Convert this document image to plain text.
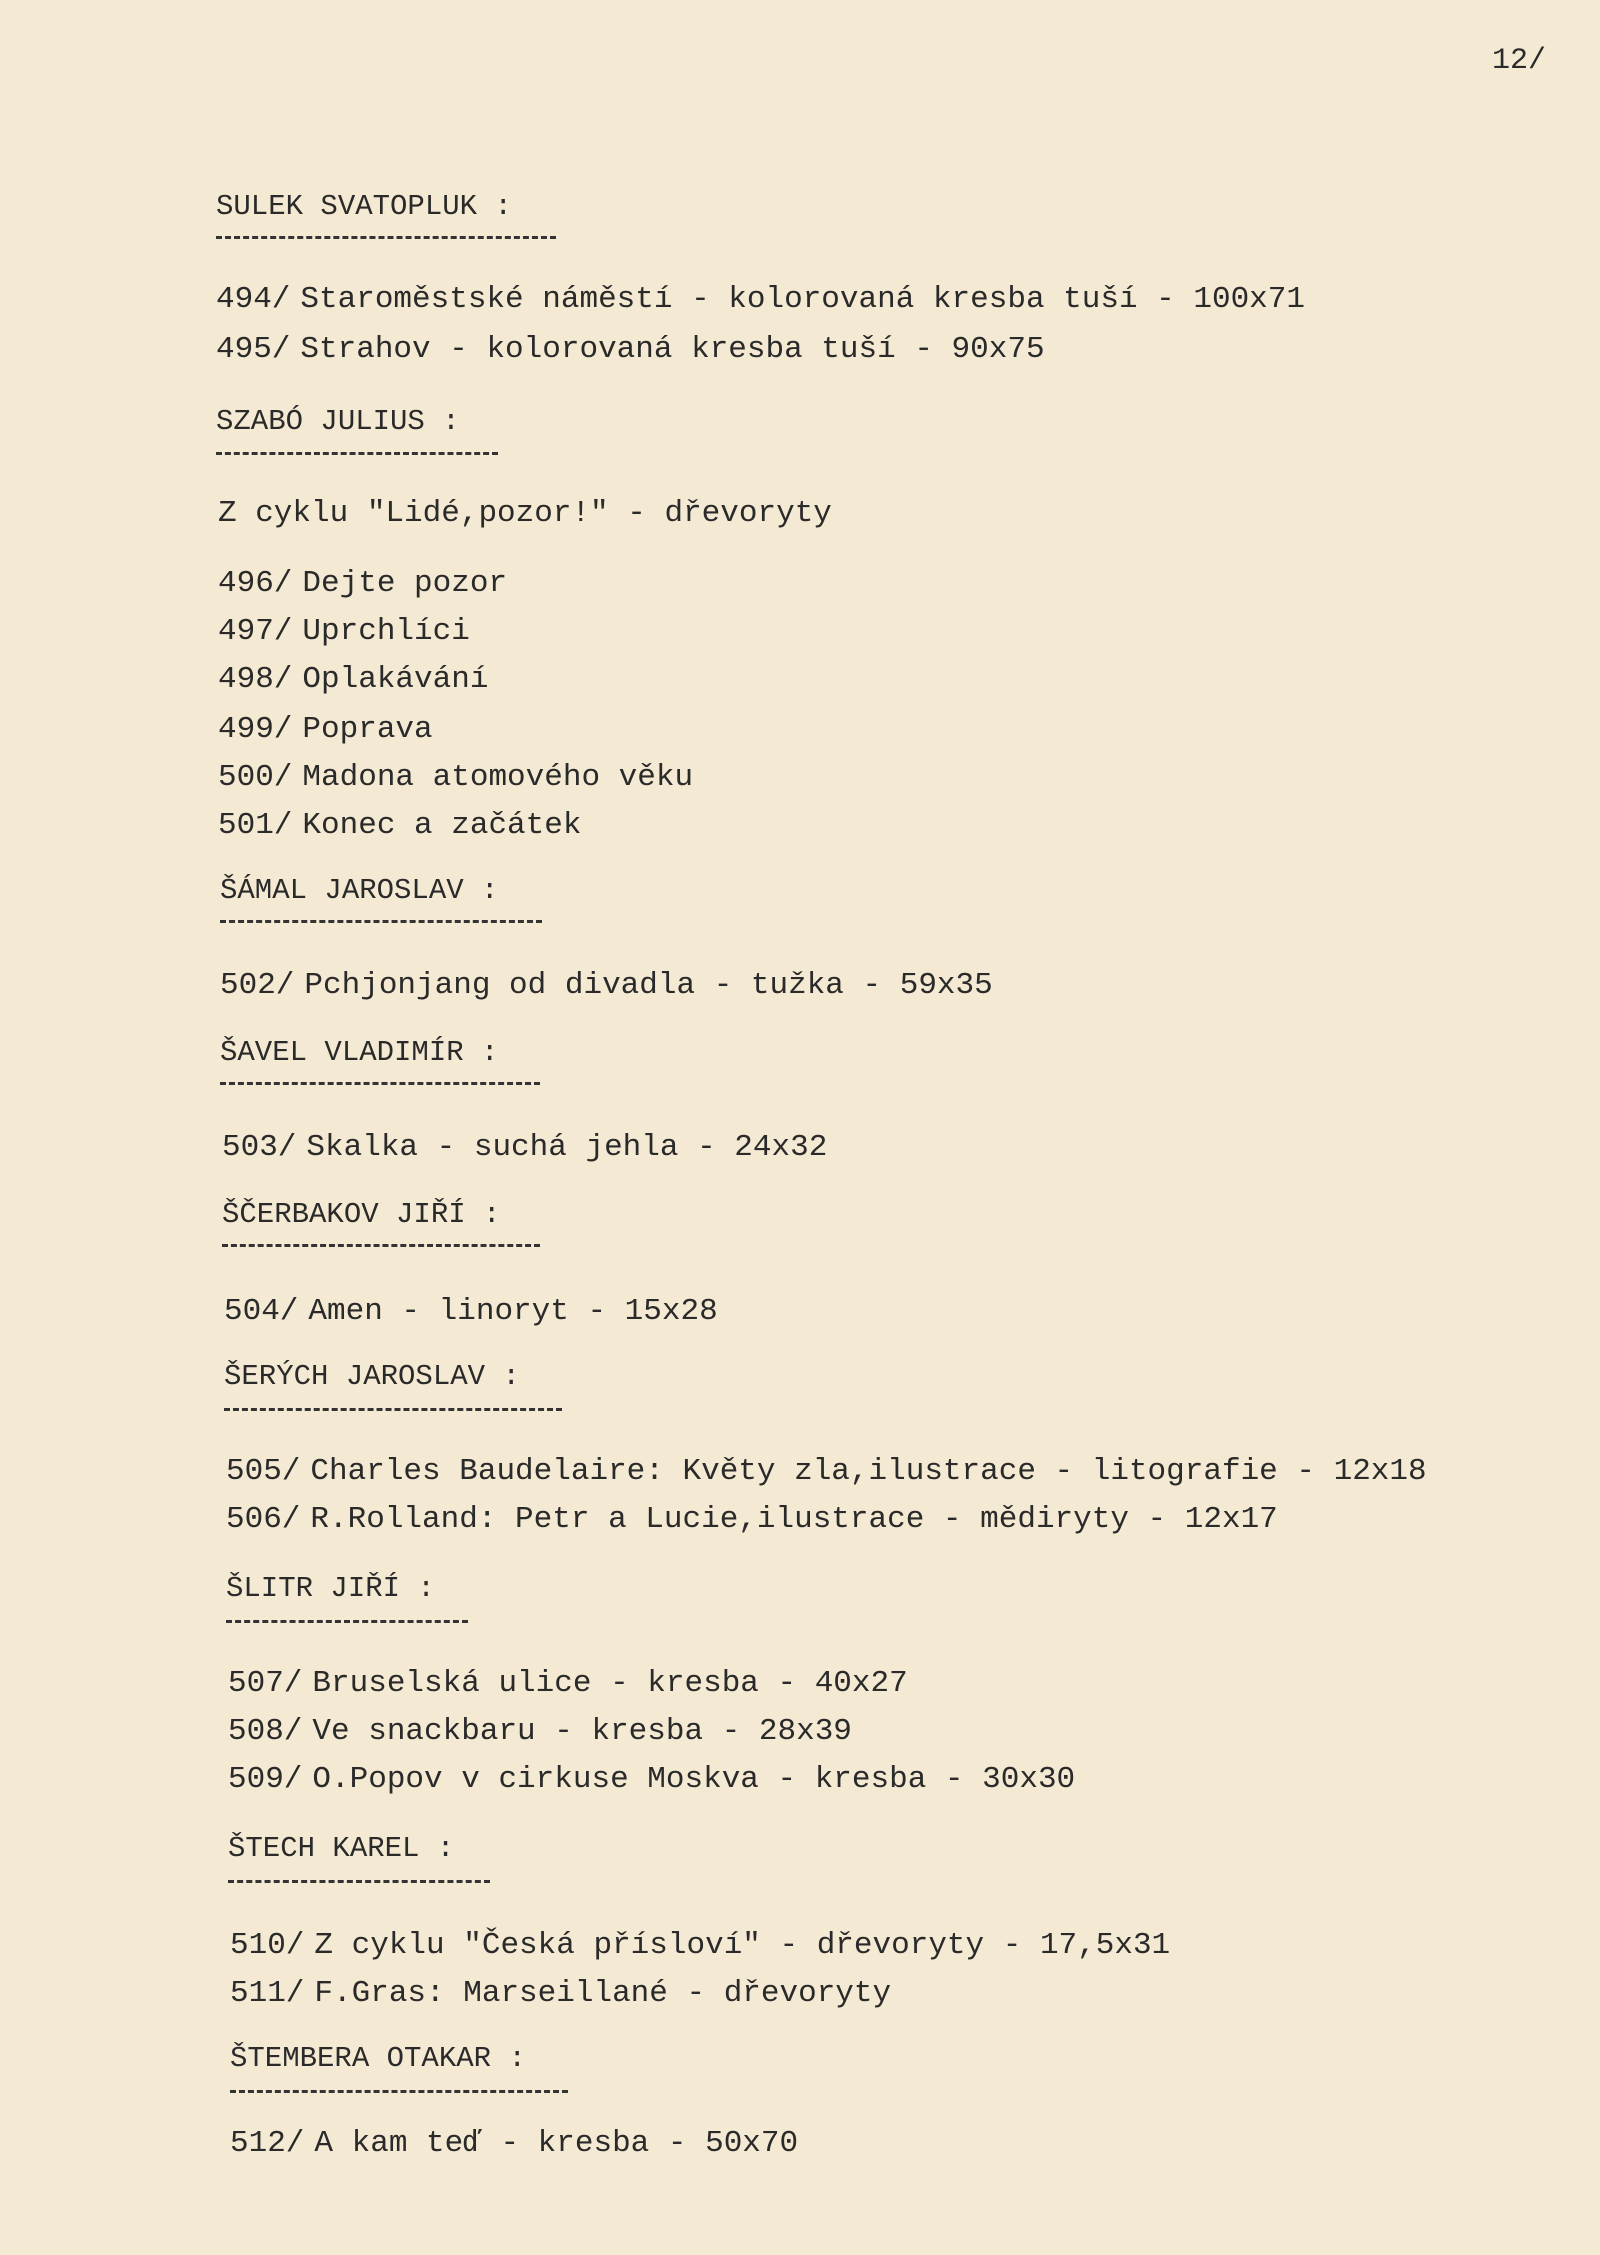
12/
SULEK SVATOPLUK :
494/ Staroměstské náměstí - kolorovaná kresba tuší - 100x71
495/ Strahov - kolorovaná kresba tuší - 90x75
SZABÓ JULIUS :
Z cyklu "Lidé,pozor!" - dřevoryty
496/ Dejte pozor
497/ Uprchlíci
498/ Oplakávání
499/ Poprava
500/ Madona atomového věku
501/ Konec a začátek
ŠÁMAL JAROSLAV :
502/ Pchjonjang od divadla - tužka - 59x35
ŠAVEL VLADIMÍR :
503/ Skalka - suchá jehla - 24x32
ŠČERBAKOV JIŘÍ :
504/ Amen - linoryt - 15x28
ŠERÝCH JAROSLAV :
505/ Charles Baudelaire: Květy zla,ilustrace - litografie - 12x18
506/ R.Rolland: Petr a Lucie,ilustrace - mědiryty - 12x17
ŠLITR JIŘÍ :
507/ Bruselská ulice - kresba - 40x27
508/ Ve snackbaru - kresba - 28x39
509/ O.Popov v cirkuse Moskva - kresba - 30x30
ŠTECH KAREL :
510/ Z cyklu "Česká přísloví" - dřevoryty - 17,5x31
511/ F.Gras: Marseillané - dřevoryty
ŠTEMBERA OTAKAR :
512/ A kam teď - kresba - 50x70
